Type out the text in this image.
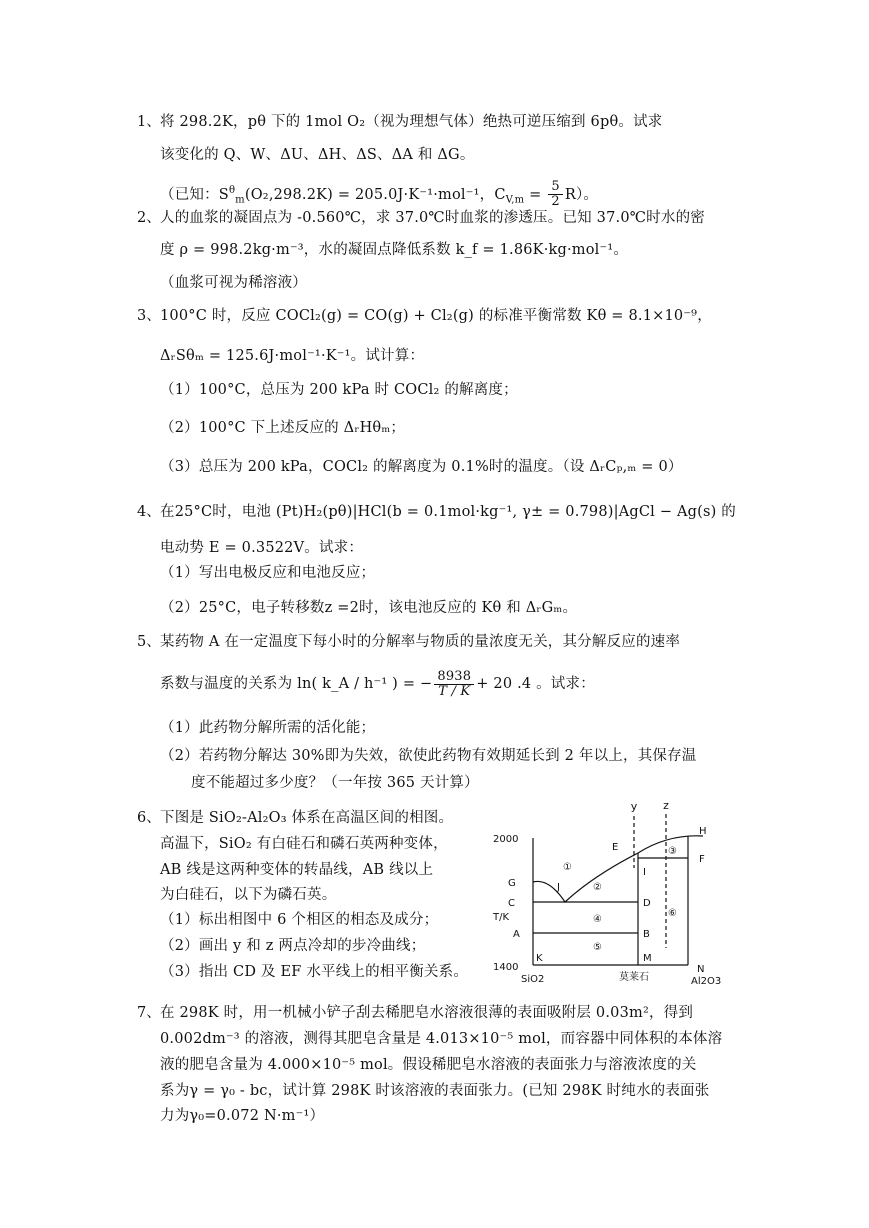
1、 将 298.2K，pθ 下的 1mol O₂（视为理想气体）绝热可逆压缩到 6pθ。试求
该变化的 Q、W、ΔU、ΔH、ΔS、ΔA 和 ΔG。
（已知：$S^\theta_m(O_2,298.2K) = 205.0J\cdot K^{-1}\cdot mol^{-1}$，$C_{V,m} = \frac{5}{2} R$）。
2、 人的血浆的凝固点为 -0.560℃，求 37.0℃时血浆的渗透压。已知 37.0℃时水的密
度 ρ = 998.2kg·m⁻³，水的凝固点降低系数 k_f = 1.86K·kg·mol⁻¹。
（血浆可视为稀溶液）
3、 100°C 时，反应 COCl₂(g) = CO(g) + Cl₂(g) 的标准平衡常数 Kθ = 8.1×10⁻⁹，
ΔᵣSθₘ = 125.6J·mol⁻¹·K⁻¹。试计算：
（1）100°C，总压为 200 kPa 时 COCl₂ 的解离度；
（2）100°C 下上述反应的 ΔᵣHθₘ；
（3）总压为 200 kPa，COCl₂ 的解离度为 0.1%时的温度。（设 ΔᵣCₚ,ₘ = 0）
4、 在25°C时，电池 (Pt)H₂(pθ)|HCl(b = 0.1mol·kg⁻¹, γ± = 0.798)|AgCl − Ag(s) 的
电动势 E = 0.3522V。试求：
（1）写出电极反应和电池反应；
（2）25°C，电子转移数z =2时，该电池反应的 Kθ 和 ΔᵣGₘ。
5、 某药物 A 在一定温度下每小时的分解率与物质的量浓度无关，其分解反应的速率
系数与温度的关系为 ln( k_A / h⁻¹ ) = − $\frac{8938}{T / K} + 20$ .4 。试求：
（1）此药物分解所需的活化能；
（2）若药物分解达 30%即为失效，欲使此药物有效期延长到 2 年以上，其保存温
度不能超过多少度？（一年按 365 天计算）
6、 下图是 SiO₂-Al₂O₃ 体系在高温区间的相图。
高温下，SiO₂ 有白硅石和磷石英两种变体，
AB 线是这两种变体的转晶线，AB 线以上
为白硅石，以下为磷石英。
（1）标出相图中 6 个相区的相态及成分；
（2）画出 y 和 z 两点冷却的步冷曲线；
（3）指出 CD 及 EF 水平线上的相平衡关系。
y z
2000
1400
T/K
E
H
F
G	J
C	D
I
A	B
K	M
N
①
②
③
④
⑤
⑥
SiO2	莫莱石	Al2O3
7、 在 298K 时，用一机械小铲子刮去稀肥皂水溶液很薄的表面吸附层 0.03m²，得到
0.002dm⁻³ 的溶液，测得其肥皂含量是 4.013×10⁻⁵ mol，而容器中同体积的本体溶
液的肥皂含量为 4.000×10⁻⁵ mol。假设稀肥皂水溶液的表面张力与溶液浓度的关
系为γ = γ₀ - bc，试计算 298K 时该溶液的表面张力。(已知 298K 时纯水的表面张
力为γ₀=0.072 N·m⁻¹）
